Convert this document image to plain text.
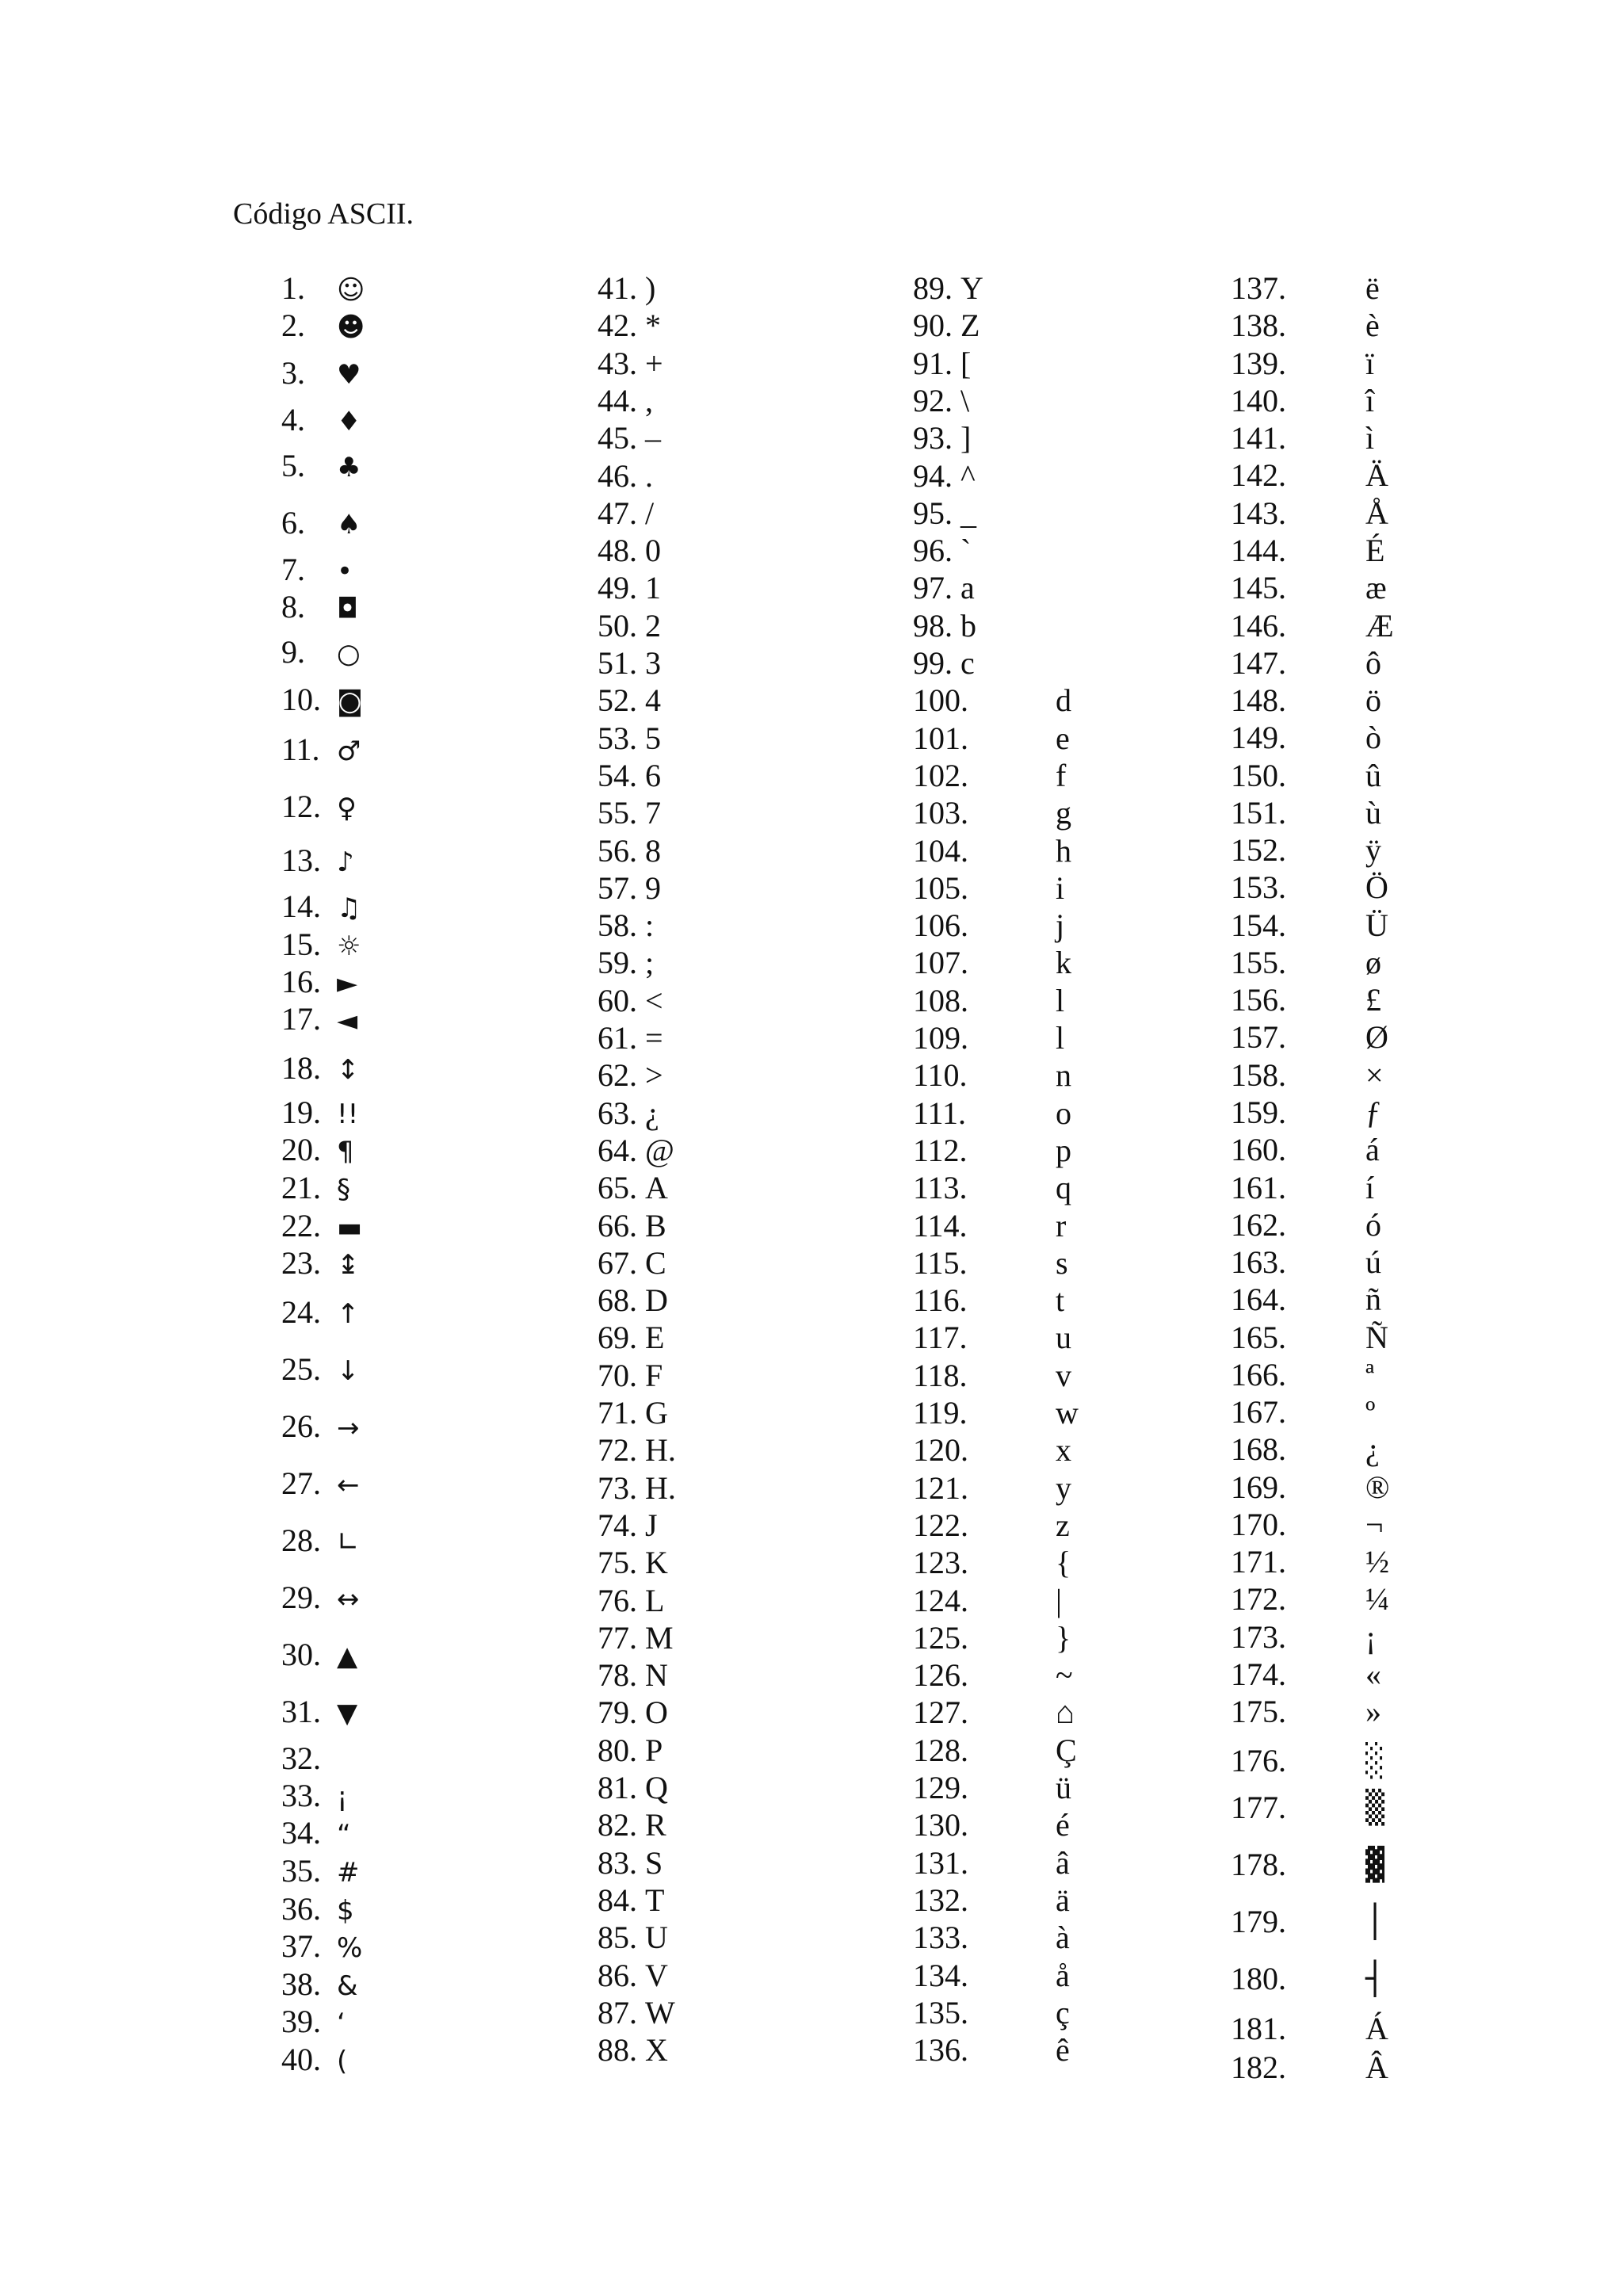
Código ASCII.
1. ☺
2. ☻
3. ♥
4. ♦
5. ♣
6. ♠
7. •
8. ◘
9. ○
10. ◙
11. ♂
12. ♀
13. ♪
14. ♫
15. ☼
16. ►
17. ◄
18. ↕
19. !!
20. ¶
21. §
22. ▬
23. ↨
24. ↑
25. ↓
26. →
27. ←
28. ∟
29. ↔
30. ▲
31. ▼
32.
33. ¡
34. “
35. #
36. $
37. %
38. &
39. ‘
40. (
41. )
42. *
43. +
44. ,
45. –
46. .
47. /
48. 0
49. 1
50. 2
51. 3
52. 4
53. 5
54. 6
55. 7
56. 8
57. 9
58. :
59. ;
60. <
61. =
62. >
63. ¿
64. @
65. A
66. B
67. C
68. D
69. E
70. F
71. G
72. H.
73. H.
74. J
75. K
76. L
77. M
78. N
79. O
80. P
81. Q
82. R
83. S
84. T
85. U
86. V
87. W
88. X
89. Y
90. Z
91. [
92. \
93. ]
94. ^
95. _
96. `
97. a
98. b
99. c
100.	d
101.	e
102.	f
103.	g
104.	h
105.	i
106.	j
107.	k
108.	l
109.	l
110.	n
111.	o
112.	p
113.	q
114.	r
115.	s
116.	t
117.	u
118.	v
119.	w
120.	x
121.	y
122.	z
123.	{
124.	|
125.	}
126.	~
127.	⌂
128.	Ç
129.	ü
130.	é
131.	â
132.	ä
133.	à
134.	å
135.	ç
136.	ê
137.	ë
138.	è
139.	ï
140.	î
141.	ì
142.	Ä
143.	Å
144.	É
145.	æ
146.	Æ
147.	ô
148.	ö
149.	ò
150.	û
151.	ù
152.	ÿ
153.	Ö
154.	Ü
155.	ø
156.	£
157.	Ø
158.	×
159.	ƒ
160.	á
161.	í
162.	ó
163.	ú
164.	ñ
165.	Ñ
166.	ª
167.	º
168.	¿
169.	®
170.	¬
171.	½
172.	¼
173.	¡
174.	«
175.	»
176.	░
177.	▒
178.	▓
179.	│
180.	┤
181.	Á
182.	Â
